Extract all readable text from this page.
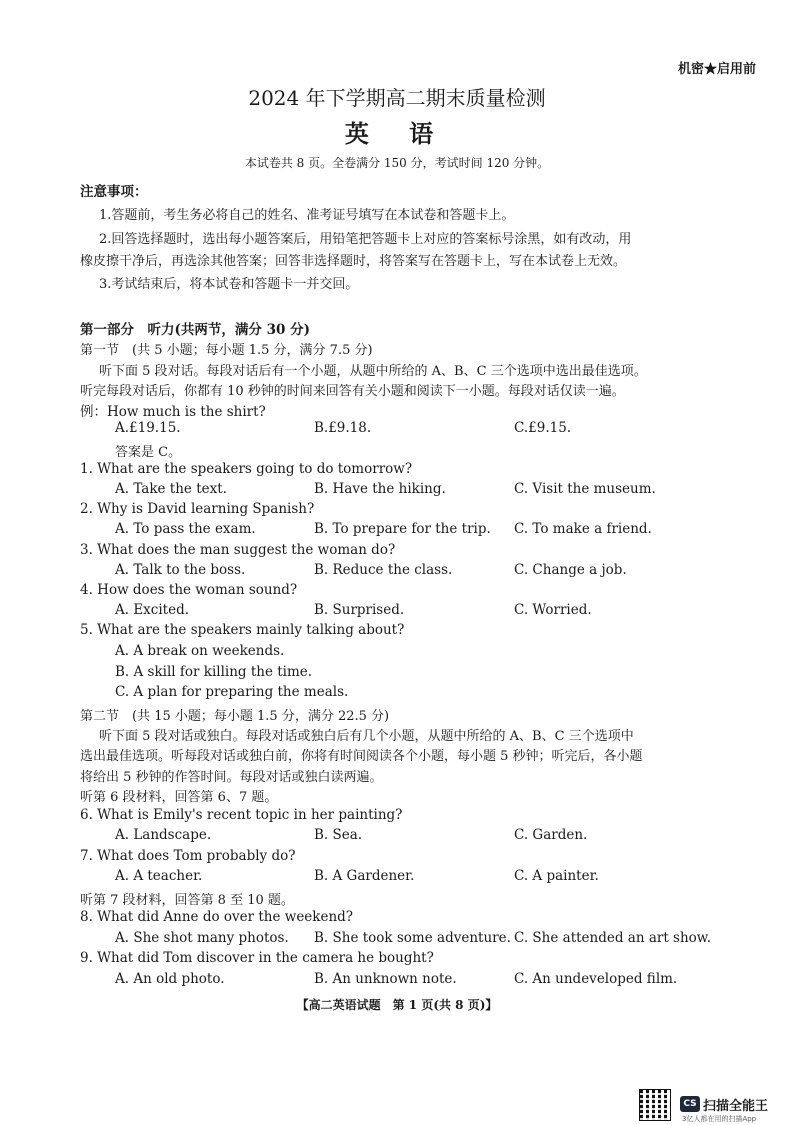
机密★启用前
2024 年下学期高二期末质量检测
英 语
本试卷共 8 页。全卷满分 150 分，考试时间 120 分钟。
注意事项：
1.答题前，考生务必将自己的姓名、准考证号填写在本试卷和答题卡上。
2.回答选择题时，选出每小题答案后，用铅笔把答题卡上对应的答案标号涂黑，如有改动，用
橡皮擦干净后，再选涂其他答案；回答非选择题时，将答案写在答题卡上，写在本试卷上无效。
3.考试结束后，将本试卷和答题卡一并交回。
第一部分　听力(共两节，满分 30 分)
第一节　(共 5 小题；每小题 1.5 分，满分 7.5 分)
听下面 5 段对话。每段对话后有一个小题，从题中所给的 A、B、C 三个选项中选出最佳选项。
听完每段对话后，你都有 10 秒钟的时间来回答有关小题和阅读下一小题。每段对话仅读一遍。
例：How much is the shirt?
A.£19.15.	B.£9.18.	C.£9.15.
答案是 C。
1. What are the speakers going to do tomorrow?
A. Take the text.	B. Have the hiking.	C. Visit the museum.
2. Why is David learning Spanish?
A. To pass the exam.	B. To prepare for the trip. C. To make a friend.
3. What does the man suggest the woman do?
A. Talk to the boss.	B. Reduce the class.	C. Change a job.
4. How does the woman sound?
A. Excited.	B. Surprised.	C. Worried.
5. What are the speakers mainly talking about?
A. A break on weekends.
B. A skill for killing the time.
C. A plan for preparing the meals.
第二节　(共 15 小题；每小题 1.5 分，满分 22.5 分)
听下面 5 段对话或独白。每段对话或独白后有几个小题，从题中所给的 A、B、C 三个选项中
选出最佳选项。听每段对话或独白前，你将有时间阅读各个小题，每小题 5 秒钟；听完后，各小题
将给出 5 秒钟的作答时间。每段对话或独白读两遍。
听第 6 段材料，回答第 6、7 题。
6. What is Emily's recent topic in her painting?
A. Landscape.	B. Sea.	C. Garden.
7. What does Tom probably do?
A. A teacher.	B. A Gardener.	C. A painter.
听第 7 段材料，回答第 8 至 10 题。
8. What did Anne do over the weekend?
A. She shot many photos. B. She took some adventure. C. She attended an art show.
9. What did Tom discover in the camera he bought?
A. An old photo.	B. An unknown note.	C. An undeveloped film.
【高二英语试题　第 1 页(共 8 页)】
CS 扫描全能王
3亿人都在用的扫描App
